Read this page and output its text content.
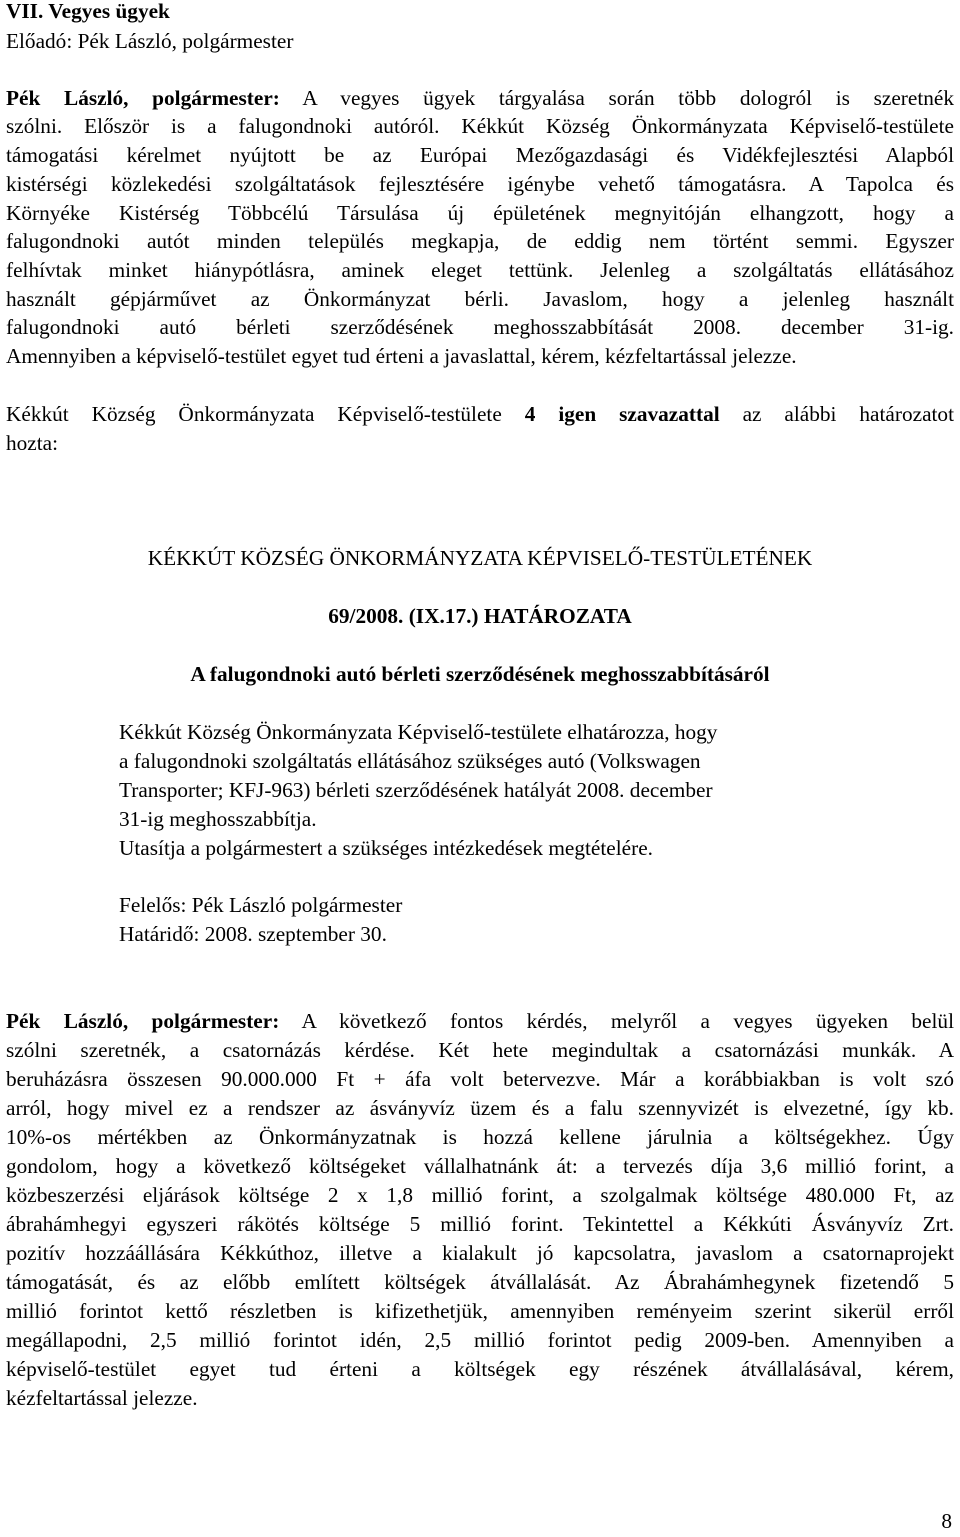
VII. Vegyes ügyek
Előadó: Pék László, polgármester
Pék László, polgármester: A vegyes ügyek tárgyalása során több dologról is szeretnék
szólni. Először is a falugondnoki autóról. Kékkút Község Önkormányzata Képviselő-testülete
támogatási kérelmet nyújtott be az Európai Mezőgazdasági és Vidékfejlesztési Alapból
kistérségi közlekedési szolgáltatások fejlesztésére igénybe vehető támogatásra. A Tapolca és
Környéke Kistérség Többcélú Társulása új épületének megnyitóján elhangzott, hogy a
falugondnoki autót minden település megkapja, de eddig nem történt semmi. Egyszer
felhívtak minket hiánypótlásra, aminek eleget tettünk. Jelenleg a szolgáltatás ellátásához
használt gépjárművet az Önkormányzat bérli. Javaslom, hogy a jelenleg használt
falugondnoki autó bérleti szerződésének meghosszabbítását 2008. december 31-ig.
Amennyiben a képviselő-testület egyet tud érteni a javaslattal, kérem, kézfeltartással jelezze.
Kékkút Község Önkormányzata Képviselő-testülete 4 igen szavazattal az alábbi határozatot
hozta:
KÉKKÚT KÖZSÉG ÖNKORMÁNYZATA KÉPVISELŐ-TESTÜLETÉNEK
69/2008. (IX.17.) HATÁROZATA
A falugondnoki autó bérleti szerződésének meghosszabbításáról
Kékkút Község Önkormányzata Képviselő-testülete elhatározza, hogy
a falugondnoki szolgáltatás ellátásához szükséges autó (Volkswagen
Transporter; KFJ-963) bérleti szerződésének hatályát 2008. december
31-ig meghosszabbítja.
Utasítja a polgármestert a szükséges intézkedések megtételére.
Felelős: Pék László polgármester
Határidő: 2008. szeptember 30.
Pék László, polgármester: A következő fontos kérdés, melyről a vegyes ügyeken belül
szólni szeretnék, a csatornázás kérdése. Két hete megindultak a csatornázási munkák. A
beruházásra összesen 90.000.000 Ft + áfa volt betervezve. Már a korábbiakban is volt szó
arról, hogy mivel ez a rendszer az ásványvíz üzem és a falu szennyvizét is elvezetné, így kb.
10%-os mértékben az Önkormányzatnak is hozzá kellene járulnia a költségekhez. Úgy
gondolom, hogy a következő költségeket vállalhatnánk át: a tervezés díja 3,6 millió forint, a
közbeszerzési eljárások költsége 2 x 1,8 millió forint, a szolgalmak költsége 480.000 Ft, az
ábrahámhegyi egyszeri rákötés költsége 5 millió forint. Tekintettel a Kékkúti Ásványvíz Zrt.
pozitív hozzáállására Kékkúthoz, illetve a kialakult jó kapcsolatra, javaslom a csatornaprojekt
támogatását, és az előbb említett költségek átvállalását. Az Ábrahámhegynek fizetendő 5
millió forintot kettő részletben is kifizethetjük, amennyiben reményeim szerint sikerül erről
megállapodni, 2,5 millió forintot idén, 2,5 millió forintot pedig 2009-ben. Amennyiben a
képviselő-testület egyet tud érteni a költségek egy részének átvállalásával, kérem,
kézfeltartással jelezze.
8
